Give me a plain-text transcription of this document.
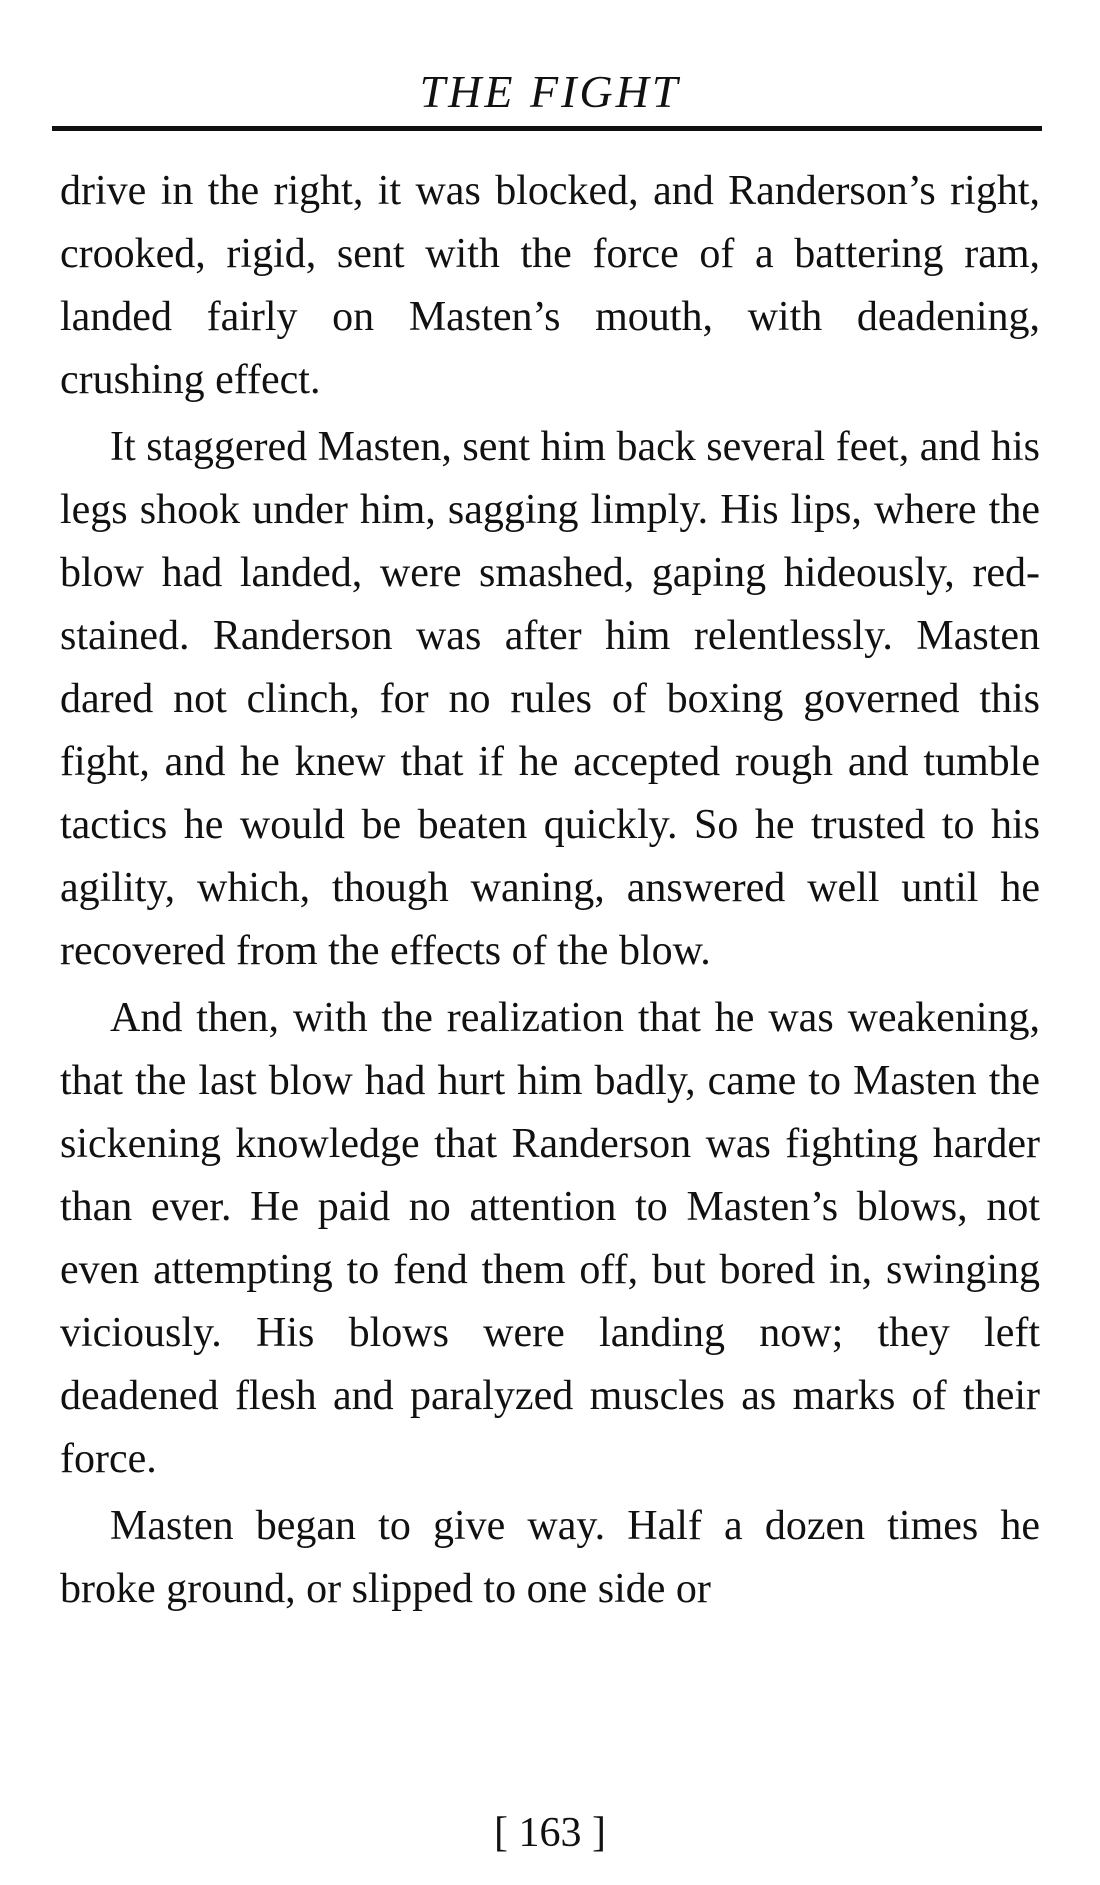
THE FIGHT

drive in the right, it was blocked, and Randerson’s right, crooked, rigid, sent with the force of a battering ram, landed fairly on Masten’s mouth, with deadening, crushing effect.

It staggered Masten, sent him back several feet, and his legs shook under him, sagging limply. His lips, where the blow had landed, were smashed, gaping hideously, red-stained. Randerson was after him relentlessly. Masten dared not clinch, for no rules of boxing governed this fight, and he knew that if he accepted rough and tumble tactics he would be beaten quickly. So he trusted to his agility, which, though waning, answered well until he recovered from the effects of the blow.

And then, with the realization that he was weakening, that the last blow had hurt him badly, came to Masten the sickening knowledge that Randerson was fighting harder than ever. He paid no attention to Masten’s blows, not even attempting to fend them off, but bored in, swinging viciously. His blows were landing now; they left deadened flesh and paralyzed muscles as marks of their force.

Masten began to give way. Half a dozen times he broke ground, or slipped to one side or

[ 163 ]
